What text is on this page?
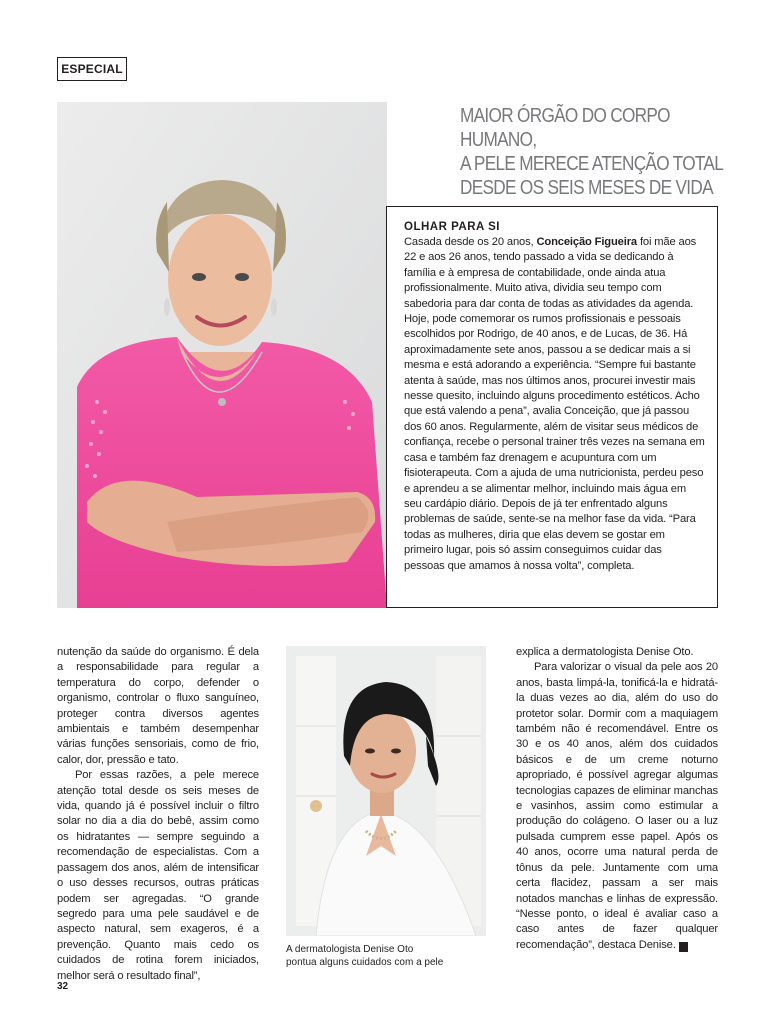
ESPECIAL
MAIOR ÓRGÃO DO CORPO HUMANO,
A PELE MERECE ATENÇÃO TOTAL
DESDE OS SEIS MESES DE VIDA

OLHAR PARA SI

Casada desde os 20 anos, Conceição Figueira foi mãe aos 22 e aos 26 anos, tendo passado a vida se dedicando à família e à empresa de contabilidade, onde ainda atua profissionalmente. Muito ativa, dividia seu tempo com sabedoria para dar conta de todas as atividades da agenda. Hoje, pode comemorar os rumos profissionais e pessoais escolhidos por Rodrigo, de 40 anos, e de Lucas, de 36. Há aproximadamente sete anos, passou a se dedicar mais a si mesma e está adorando a experiência. “Sempre fui bastante atenta à saúde, mas nos últimos anos, procurei investir mais nesse quesito, incluindo alguns procedimento estéticos. Acho que está valendo a pena”, avalia Conceição, que já passou dos 60 anos. Regularmente, além de visitar seus médicos de confiança, recebe o personal trainer três vezes na semana em casa e também faz drenagem e acupuntura com um fisioterapeuta. Com a ajuda de uma nutricionista, perdeu peso e aprendeu a se alimentar melhor, incluindo mais água em seu cardápio diário. Depois de já ter enfrentado alguns problemas de saúde, sente-se na melhor fase da vida. “Para todas as mulheres, diria que elas devem se gostar em primeiro lugar, pois só assim conseguimos cuidar das pessoas que amamos à nossa volta”, completa.

nutenção da saúde do organismo. É dela a responsabilidade para regular a temperatura do corpo, defender o organismo, controlar o fluxo sanguíneo, proteger contra diversos agentes ambientais e também desempenhar várias funções sensoriais, como de frio, calor, dor, pressão e tato.

Por essas razões, a pele merece atenção total desde os seis meses de vida, quando já é possível incluir o filtro solar no dia a dia do bebê, assim como os hidratantes — sempre seguindo a recomendação de especialistas. Com a passagem dos anos, além de intensificar o uso desses recursos, outras práticas podem ser agregadas. “O grande segredo para uma pele saudável e de aspecto natural, sem exageros, é a prevenção. Quanto mais cedo os cuidados de rotina forem iniciados, melhor será o resultado final”,

A dermatologista Denise Oto
pontua alguns cuidados com a pele

explica a dermatologista Denise Oto.

Para valorizar o visual da pele aos 20 anos, basta limpá-la, tonificá-la e hidratá-la duas vezes ao dia, além do uso do protetor solar. Dormir com a maquiagem também não é recomendável. Entre os 30 e os 40 anos, além dos cuidados básicos e de um creme noturno apropriado, é possível agregar algumas tecnologias capazes de eliminar manchas e vasinhos, assim como estimular a produção do colágeno. O laser ou a luz pulsada cumprem esse papel. Após os 40 anos, ocorre uma natural perda de tônus da pele. Juntamente com uma certa flacidez, passam a ser mais notados manchas e linhas de expressão. “Nesse ponto, o ideal é avaliar caso a caso antes de fazer qualquer recomendação”, destaca Denise.	F

32
